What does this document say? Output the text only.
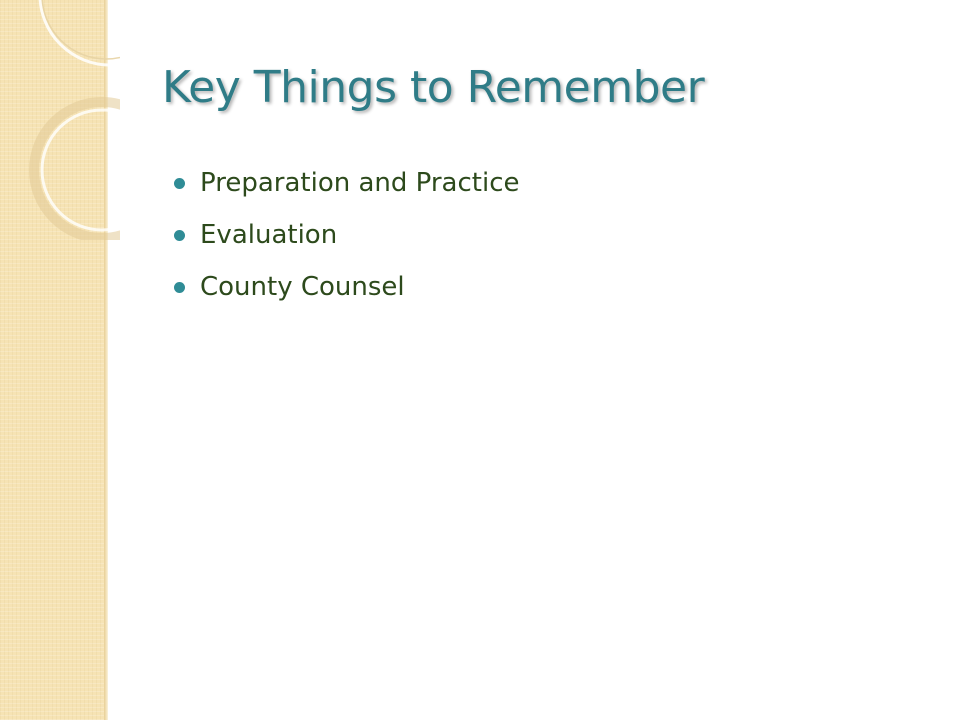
Key Things to Remember
Preparation and Practice
Evaluation
County Counsel
